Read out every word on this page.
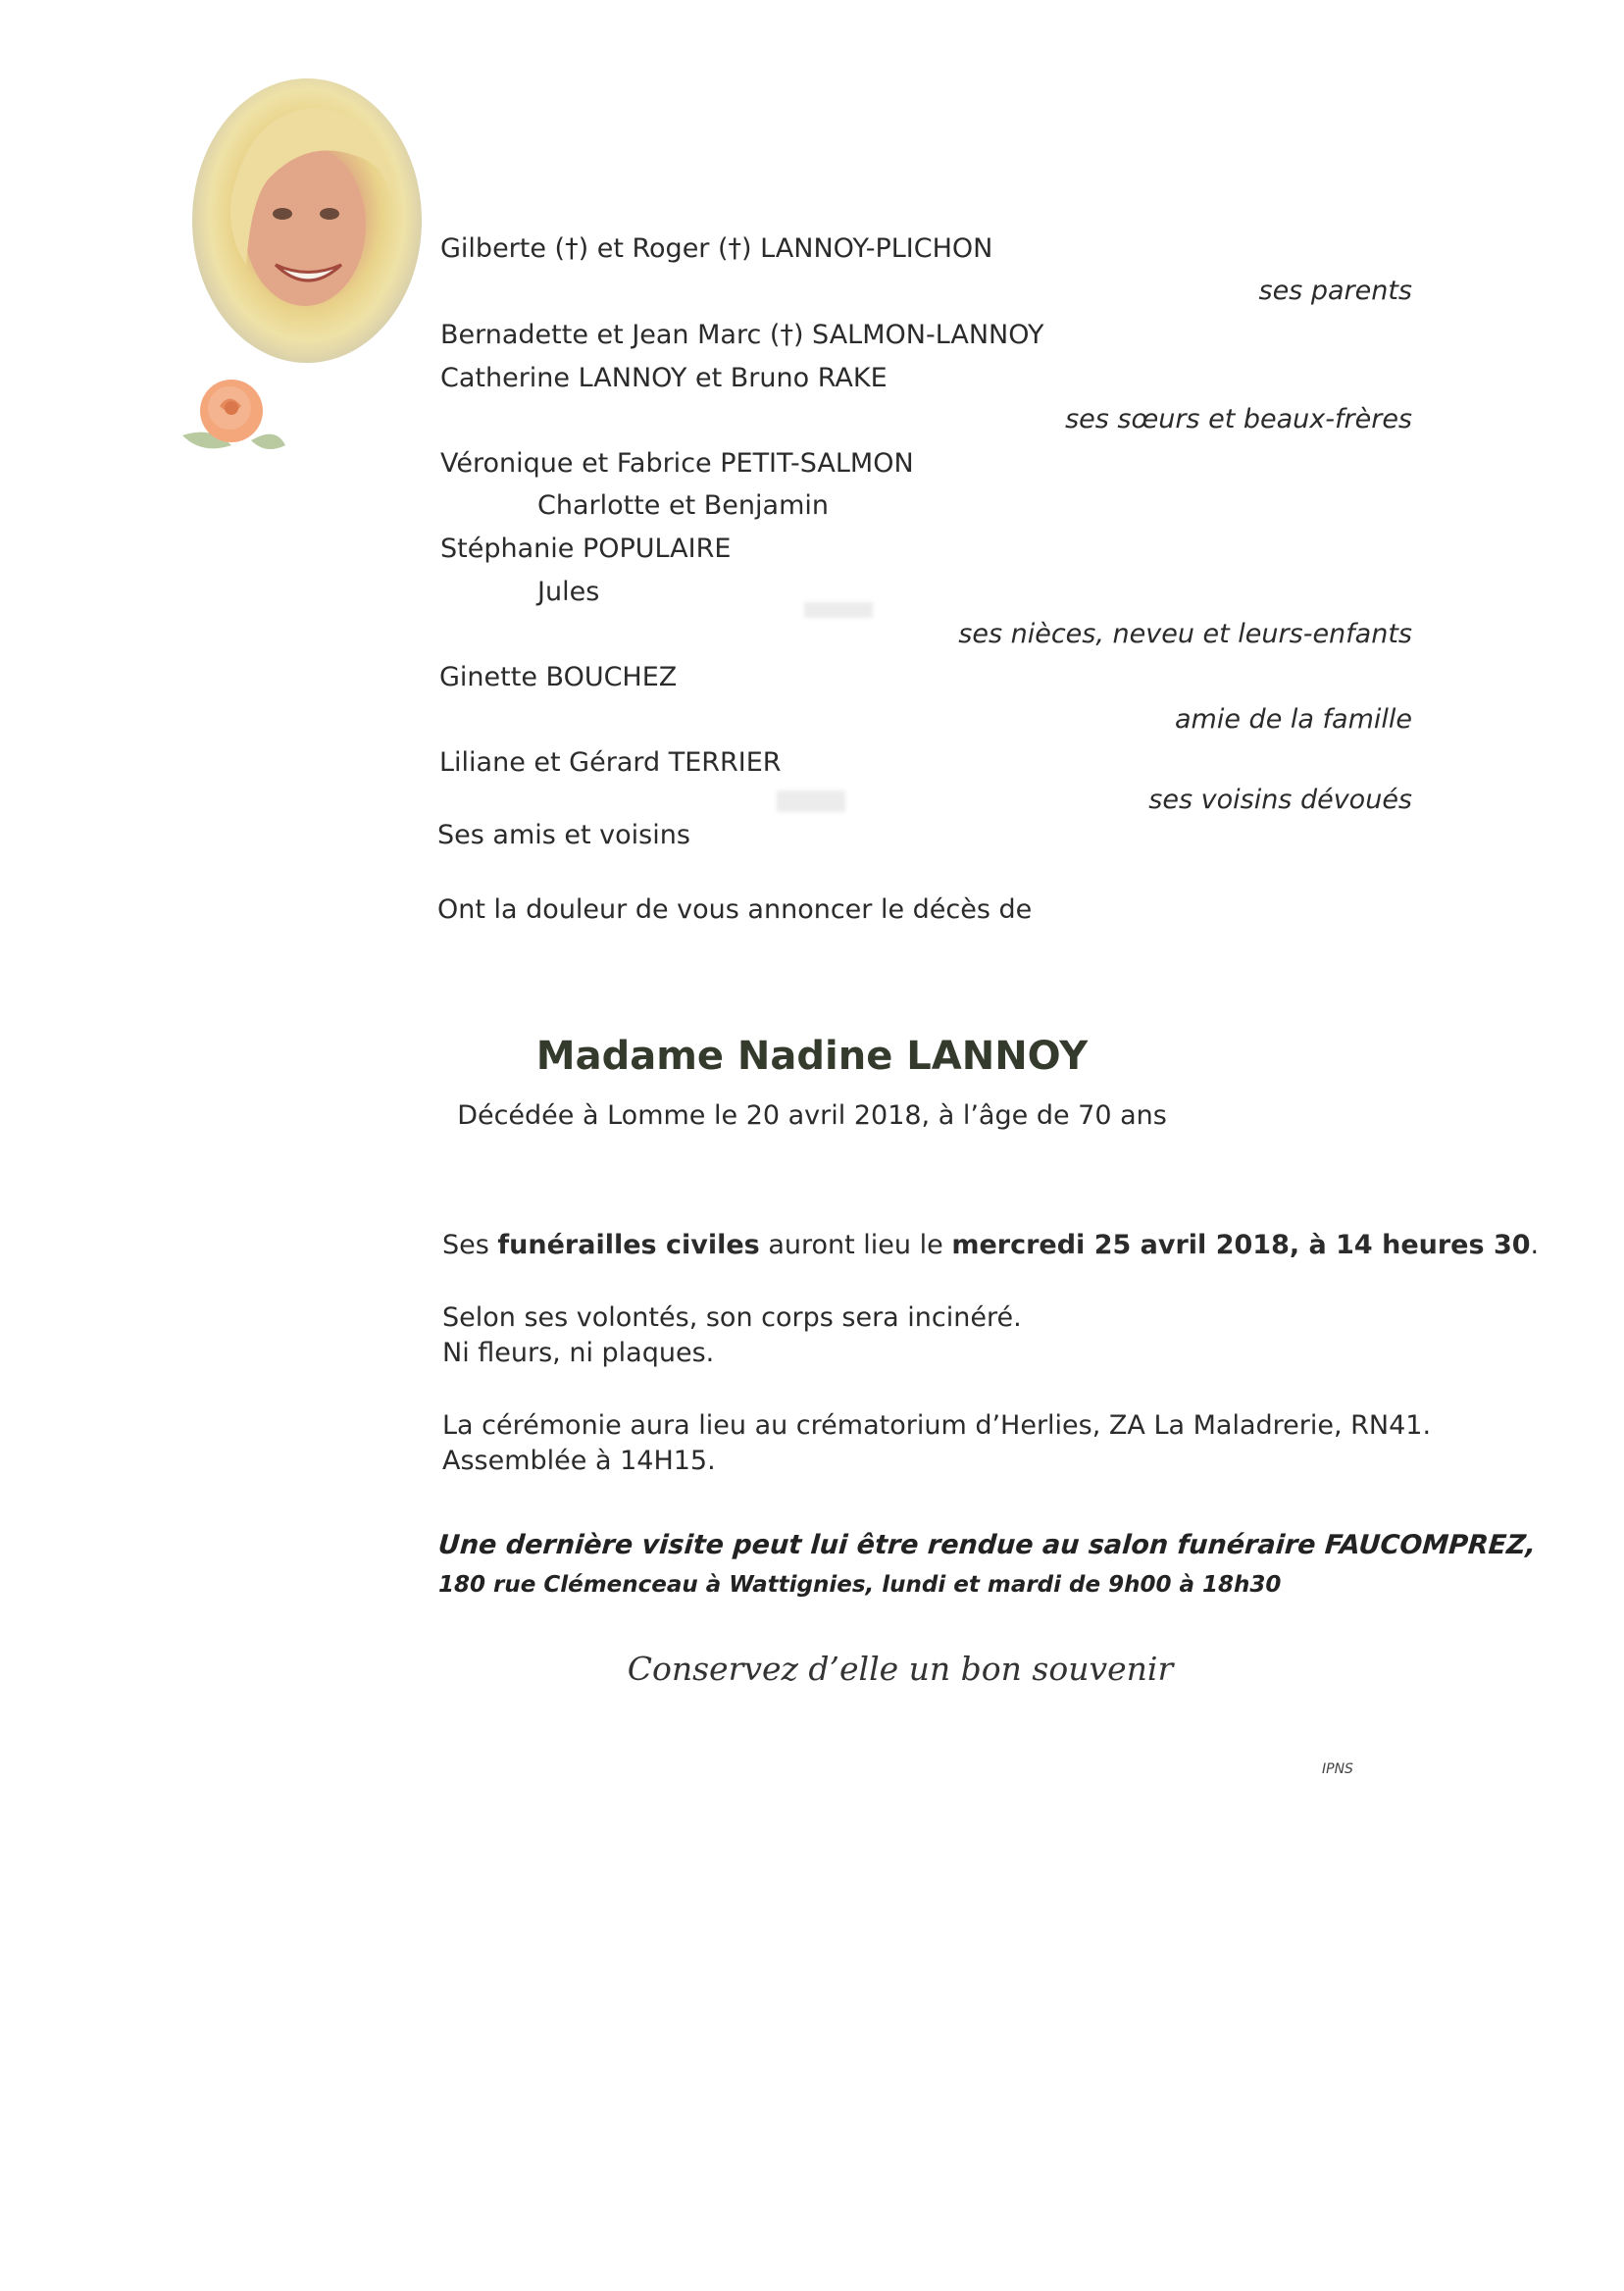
Gilberte (†) et Roger (†) LANNOY-PLICHON
ses parents
Bernadette et Jean Marc (†) SALMON-LANNOY
Catherine LANNOY et Bruno RAKE
ses sœurs et beaux-frères
Véronique et Fabrice PETIT-SALMON
Charlotte et Benjamin
Stéphanie POPULAIRE
Jules
ses nièces, neveu et leurs-enfants
Ginette BOUCHEZ
amie de la famille
Liliane et Gérard TERRIER
ses voisins dévoués
Ses amis et voisins
Ont la douleur de vous annoncer le décès de
Madame Nadine LANNOY
Décédée à Lomme le 20 avril 2018, à l’âge de 70 ans
Ses funérailles civiles auront lieu le mercredi 25 avril 2018, à 14 heures 30.
Selon ses volontés, son corps sera incinéré.
Ni fleurs, ni plaques.
La cérémonie aura lieu au crématorium d’Herlies, ZA La Maladrerie, RN41.
Assemblée à 14H15.
Une dernière visite peut lui être rendue au salon funéraire FAUCOMPREZ,
180 rue Clémenceau à Wattignies, lundi et mardi de 9h00 à 18h30
Conservez d’elle un bon souvenir
IPNS
